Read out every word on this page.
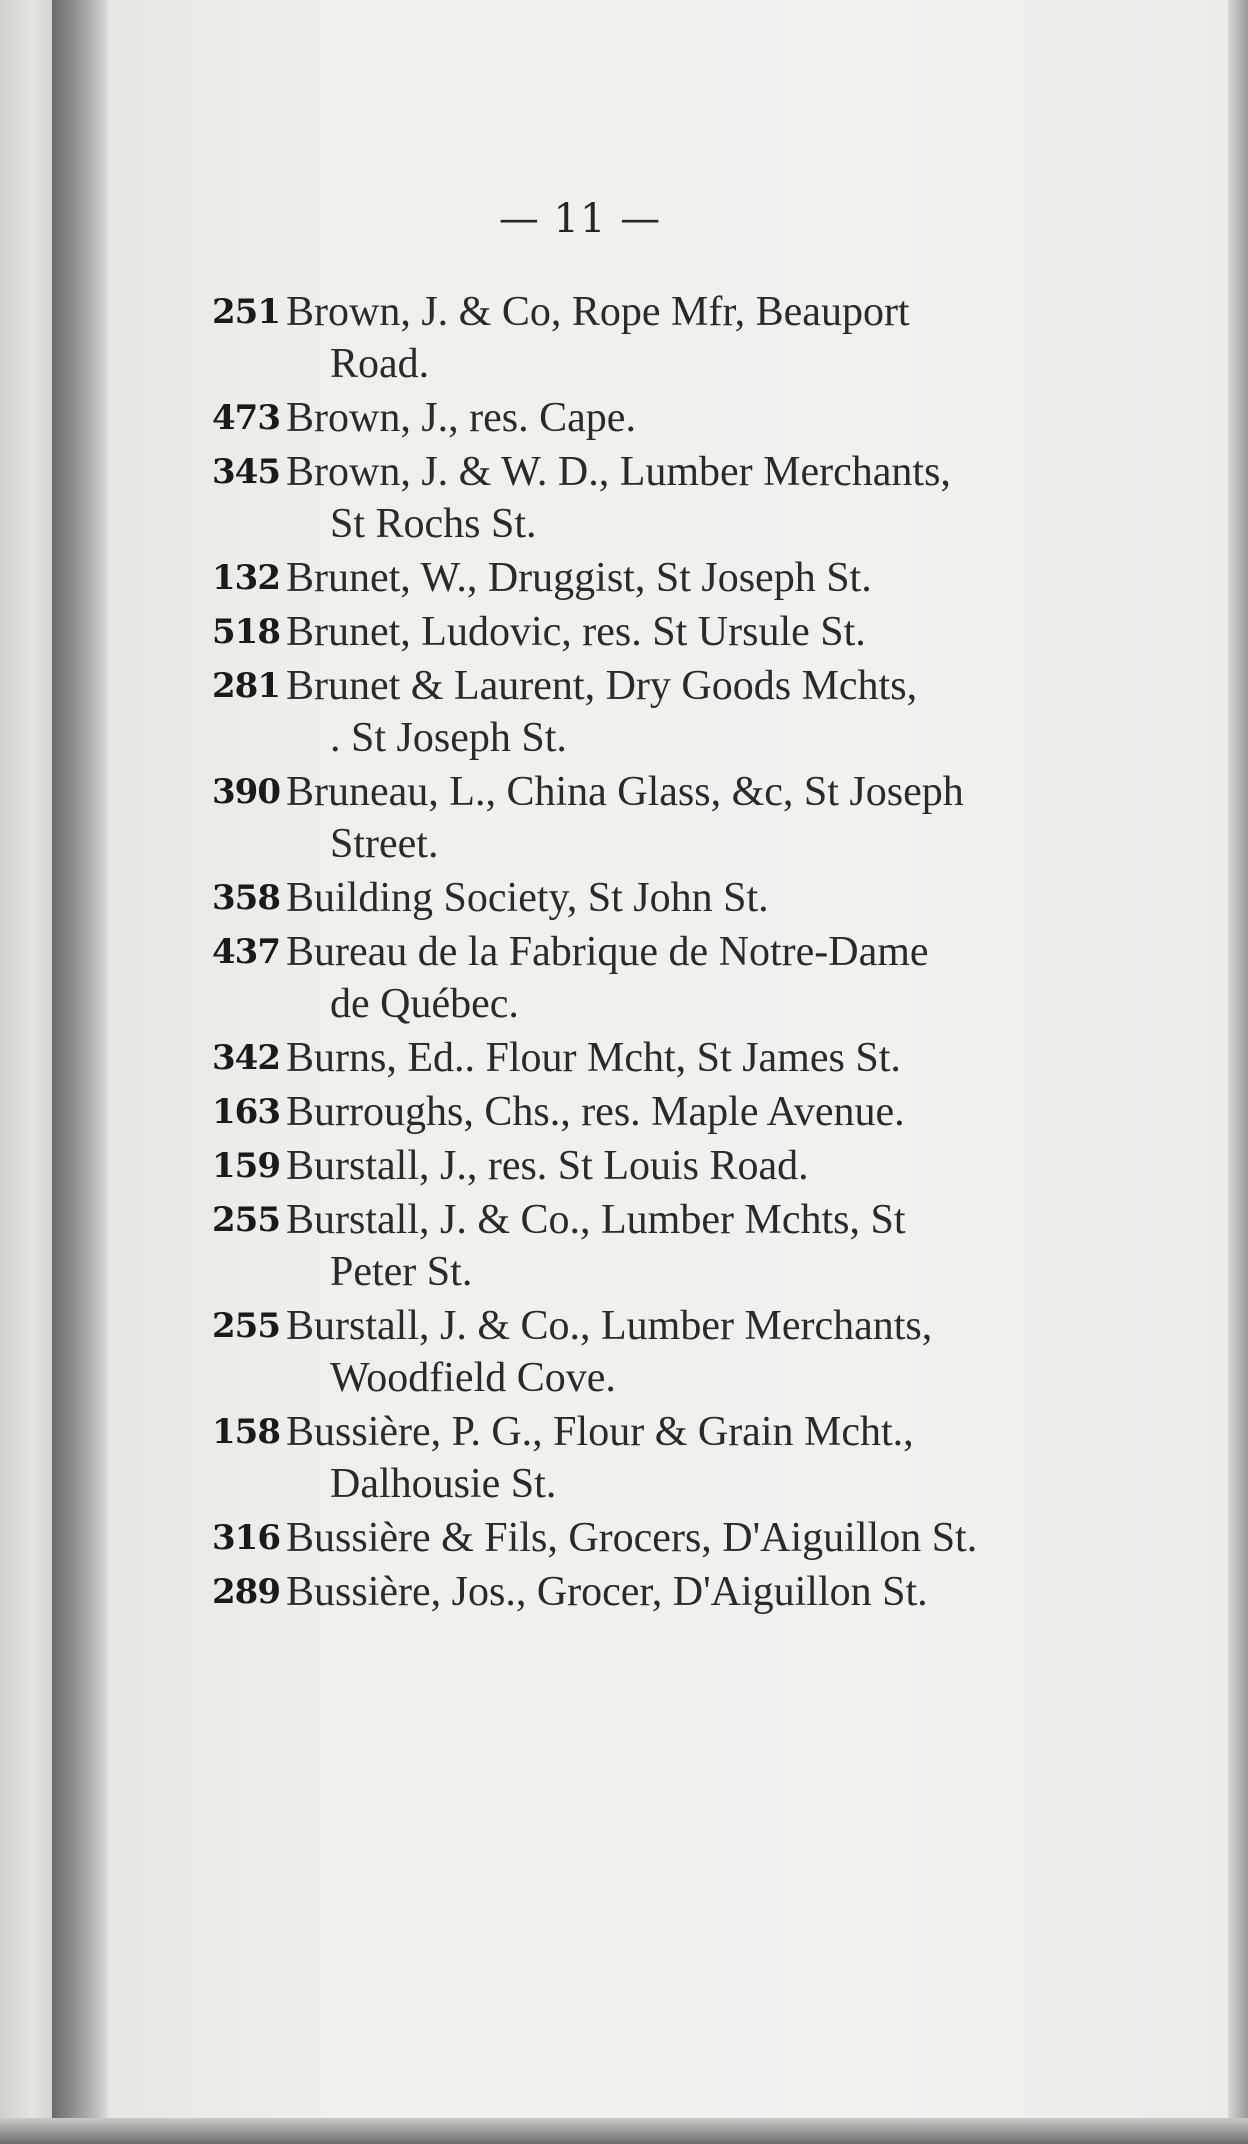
— 11 —
251 Brown, J. & Co, Rope Mfr, Beauport
Road.
473 Brown, J., res. Cape.
345 Brown, J. & W. D., Lumber Merchants,
St Rochs St.
132 Brunet, W., Druggist, St Joseph St.
518 Brunet, Ludovic, res. St Ursule St.
281 Brunet & Laurent, Dry Goods Mchts,
. St Joseph St.
390 Bruneau, L., China Glass, &c, St Joseph
Street.
358 Building Society, St John St.
437 Bureau de la Fabrique de Notre-Dame
de Québec.
342 Burns, Ed.. Flour Mcht, St James St.
163 Burroughs, Chs., res. Maple Avenue.
159 Burstall, J., res. St Louis Road.
255 Burstall, J. & Co., Lumber Mchts, St
Peter St.
255 Burstall, J. & Co., Lumber Merchants,
Woodfield Cove.
158 Bussière, P. G., Flour & Grain Mcht.,
Dalhousie St.
316 Bussière & Fils, Grocers, D'Aiguillon St.
289 Bussière, Jos., Grocer, D'Aiguillon St.
